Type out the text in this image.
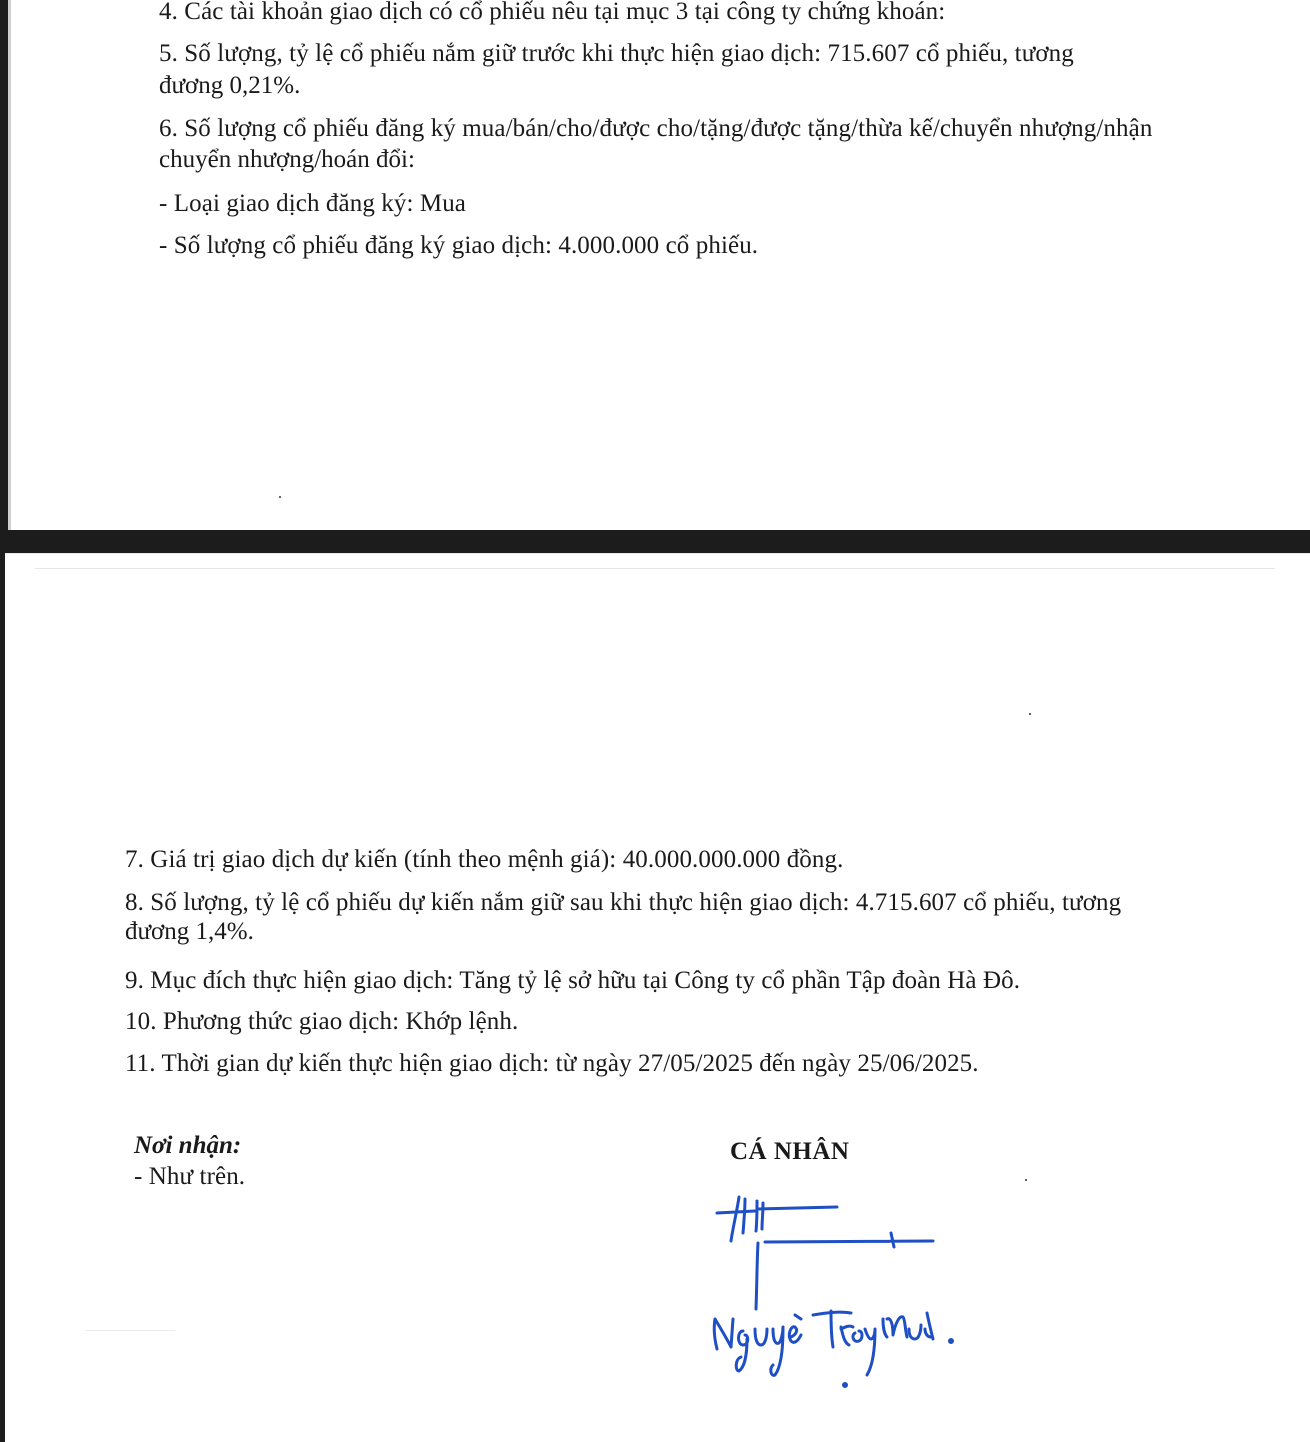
4. Các tài khoản giao dịch có cổ phiếu nêu tại mục 3 tại công ty chứng khoán:
5. Số lượng, tỷ lệ cổ phiếu nắm giữ trước khi thực hiện giao dịch: 715.607 cổ phiếu, tương
đương 0,21%.
6. Số lượng cổ phiếu đăng ký mua/bán/cho/được cho/tặng/được tặng/thừa kế/chuyển nhượng/nhận
chuyển nhượng/hoán đổi:
- Loại giao dịch đăng ký: Mua
- Số lượng cổ phiếu đăng ký giao dịch: 4.000.000 cổ phiếu.
7. Giá trị giao dịch dự kiến (tính theo mệnh giá): 40.000.000.000 đồng.
8. Số lượng, tỷ lệ cổ phiếu dự kiến nắm giữ sau khi thực hiện giao dịch: 4.715.607 cổ phiếu, tương
đương 1,4%.
9. Mục đích thực hiện giao dịch: Tăng tỷ lệ sở hữu tại Công ty cổ phần Tập đoàn Hà Đô.
10. Phương thức giao dịch: Khớp lệnh.
11. Thời gian dự kiến thực hiện giao dịch: từ ngày 27/05/2025 đến ngày 25/06/2025.
Nơi nhận:
- Như trên.
CÁ NHÂN
